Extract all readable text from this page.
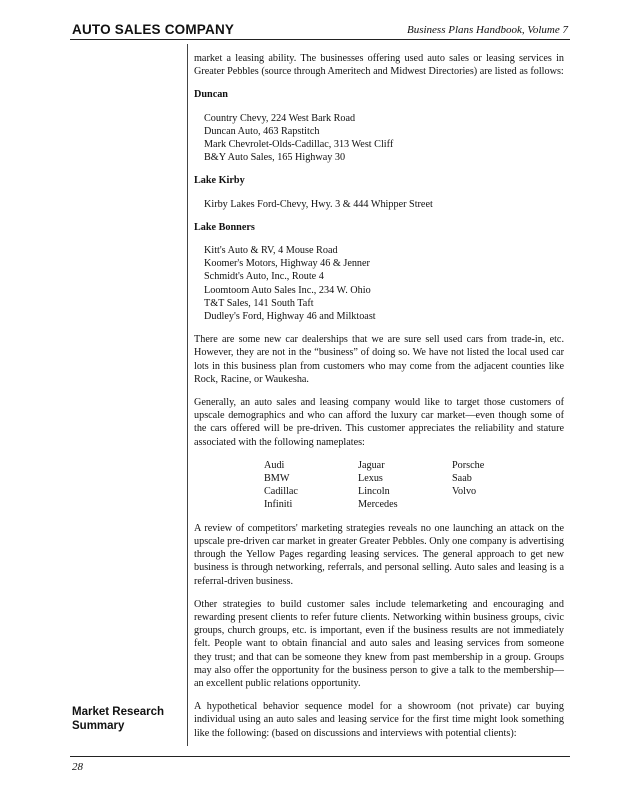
AUTO SALES COMPANY	Business Plans Handbook, Volume 7
Market Research Summary

market a leasing ability. The businesses offering used auto sales or leasing services in Greater Pebbles (source through Ameritech and Midwest Directories) are listed as follows:

Duncan
Country Chevy, 224 West Bark Road
Duncan Auto, 463 Rapstitch
Mark Chevrolet-Olds-Cadillac, 313 West Cliff
B&Y Auto Sales, 165 Highway 30
Lake Kirby
Kirby Lakes Ford-Chevy, Hwy. 3 & 444 Whipper Street
Lake Bonners
Kitt's Auto & RV, 4 Mouse Road
Koomer's Motors, Highway 46 & Jenner
Schmidt's Auto, Inc., Route 4
Loomtoom Auto Sales Inc., 234 W. Ohio
T&T Sales, 141 South Taft
Dudley's Ford, Highway 46 and Milktoast

There are some new car dealerships that we are sure sell used cars from trade-in, etc. However, they are not in the “business” of doing so. We have not listed the local used car lots in this business plan from customers who may come from the adjacent counties like Rock, Racine, or Waukesha.

Generally, an auto sales and leasing company would like to target those customers of upscale demographics and who can afford the luxury car market—even though some of the cars offered will be pre-driven. This customer appreciates the reliability and stature associated with the following nameplates:

Audi	Jaguar	Porsche
BMW	Lexus	Saab
Cadillac	Lincoln	Volvo
Infiniti	Mercedes

A review of competitors' marketing strategies reveals no one launching an attack on the upscale pre-driven car market in greater Greater Pebbles. Only one company is advertising through the Yellow Pages regarding leasing services. The general approach to get new business is through networking, referrals, and personal selling. Auto sales and leasing is a referral-driven business.

Other strategies to build customer sales include telemarketing and encouraging and rewarding present clients to refer future clients. Networking within business groups, civic groups, church groups, etc. is important, even if the business results are not immediately felt. People want to obtain financial and auto sales and leasing services from someone they trust; and that can be someone they knew from past membership in a group. Groups may also offer the opportunity for the business person to give a talk to the membership—an excellent public relations opportunity.

A hypothetical behavior sequence model for a showroom (not private) car buying individual using an auto sales and leasing service for the first time might look something like the following: (based on discussions and interviews with potential clients):

28
